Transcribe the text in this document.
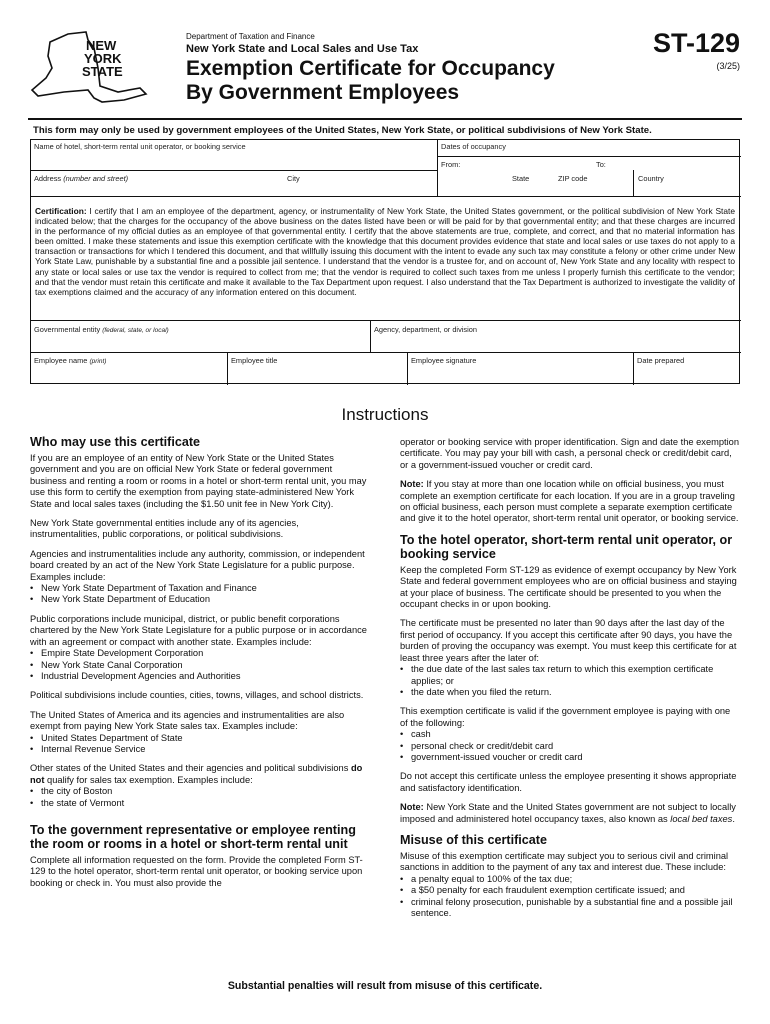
NEW
YORK
STATE
Department of Taxation and Finance
New York State and Local Sales and Use Tax
Exemption Certificate for Occupancy
By Government Employees
ST-129
(3/25)
This form may only be used by government employees of the United States, New York State, or political subdivisions of New York State.
Name of hotel, short-term rental unit operator, or booking service	Dates of occupancy
From:	To:
Address (number and street)	City	State	ZIP code	Country
Certification: I certify that I am an employee of the department, agency, or instrumentality of New York State, the United States government, or the political subdivision of New York State indicated below; that the charges for the occupancy of the above business on the dates listed have been or will be paid for by that governmental entity; and that these charges are incurred in the performance of my official duties as an employee of that governmental entity. I certify that the above statements are true, complete, and correct, and that no material information has been omitted. I make these statements and issue this exemption certificate with the knowledge that this document provides evidence that state and local sales or use taxes do not apply to a transaction or transactions for which I tendered this document, and that willfully issuing this document with the intent to evade any such tax may constitute a felony or other crime under New York State Law, punishable by a substantial fine and a possible jail sentence. I understand that the vendor is a trustee for, and on account of, New York State and any locality with respect to any state or local sales or use tax the vendor is required to collect from me; that the vendor is required to collect such taxes from me unless I properly furnish this certificate to the vendor; and that the vendor must retain this certificate and make it available to the Tax Department upon request. I also understand that the Tax Department is authorized to investigate the validity of tax exemptions claimed and the accuracy of any information entered on this document.
Governmental entity (federal, state, or local)	Agency, department, or division
Employee name (print)	Employee title	Employee signature	Date prepared
Instructions
Who may use this certificate

If you are an employee of an entity of New York State or the United States government and you are on official New York State or federal government business and renting a room or rooms in a hotel or short-term rental unit, you may use this form to certify the exemption from paying state-administered New York State and local sales taxes (including the $1.50 unit fee in New York City).

New York State governmental entities include any of its agencies, instrumentalities, public corporations, or political subdivisions.

Agencies and instrumentalities include any authority, commission, or independent board created by an act of the New York State Legislature for a public purpose. Examples include:

• New York State Department of Taxation and Finance
• New York State Department of Education

Public corporations include municipal, district, or public benefit corporations chartered by the New York State Legislature for a public purpose or in accordance with an agreement or compact with another state. Examples include:

• Empire State Development Corporation
• New York State Canal Corporation
• Industrial Development Agencies and Authorities

Political subdivisions include counties, cities, towns, villages, and school districts.

The United States of America and its agencies and instrumentalities are also exempt from paying New York State sales tax. Examples include:

• United States Department of State
• Internal Revenue Service

Other states of the United States and their agencies and political subdivisions do not qualify for sales tax exemption. Examples include:

• the city of Boston
• the state of Vermont
To the government representative or employee renting the room or rooms in a hotel or short-term rental unit

Complete all information requested on the form. Provide the completed Form ST-129 to the hotel operator, short-term rental unit operator, or booking service upon booking or check in. You must also provide the

operator or booking service with proper identification. Sign and date the exemption certificate. You may pay your bill with cash, a personal check or credit/debit card, or a government-issued voucher or credit card.

Note: If you stay at more than one location while on official business, you must complete an exemption certificate for each location. If you are in a group traveling on official business, each person must complete a separate exemption certificate and give it to the hotel operator, short-term rental unit operator, or booking service.

To the hotel operator, short-term rental unit operator, or booking service

Keep the completed Form ST-129 as evidence of exempt occupancy by New York State and federal government employees who are on official business and staying at your place of business. The certificate should be presented to you when the occupant checks in or upon booking.

The certificate must be presented no later than 90 days after the last day of the first period of occupancy. If you accept this certificate after 90 days, you have the burden of proving the occupancy was exempt. You must keep this certificate for at least three years after the later of:

• the due date of the last sales tax return to which this exemption certificate applies; or
• the date when you filed the return.

This exemption certificate is valid if the government employee is paying with one of the following:

• cash
• personal check or credit/debit card
• government-issued voucher or credit card

Do not accept this certificate unless the employee presenting it shows appropriate and satisfactory identification.

Note: New York State and the United States government are not subject to locally imposed and administered hotel occupancy taxes, also known as local bed taxes.

Misuse of this certificate

Misuse of this exemption certificate may subject you to serious civil and criminal sanctions in addition to the payment of any tax and interest due. These include:

• a penalty equal to 100% of the tax due;
• a $50 penalty for each fraudulent exemption certificate issued; and
• criminal felony prosecution, punishable by a substantial fine and a possible jail sentence.
Substantial penalties will result from misuse of this certificate.
